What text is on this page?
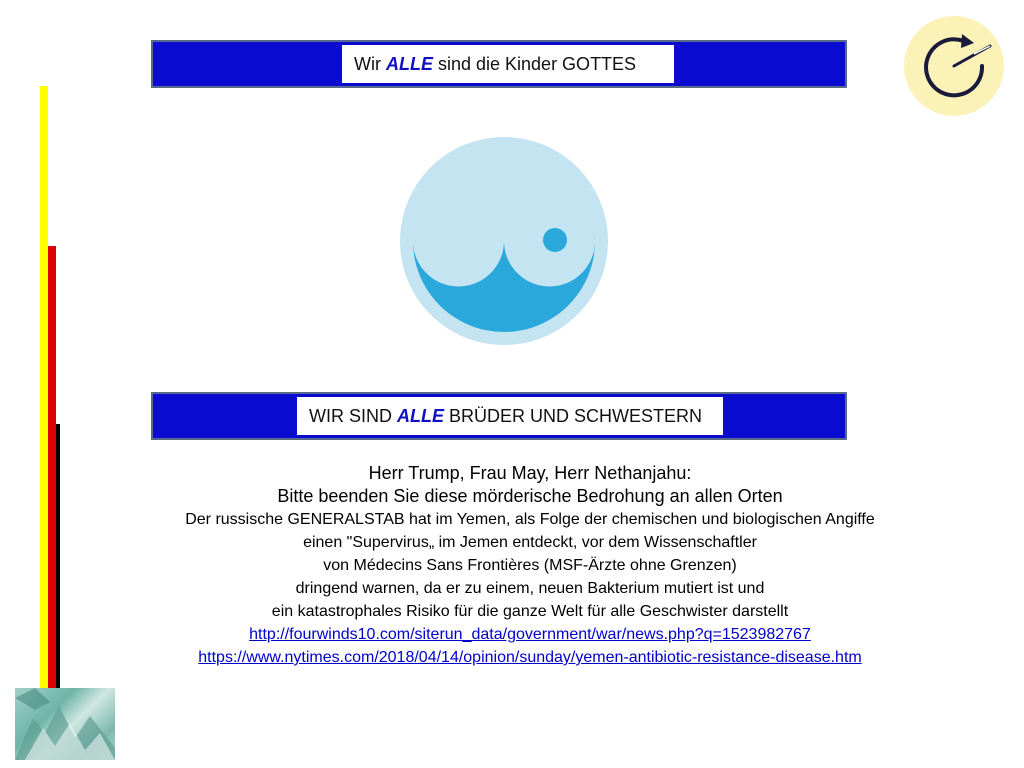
Wir ALLE sind die Kinder GOTTES
WIR SIND ALLE BRÜDER UND SCHWESTERN
Herr Trump, Frau May, Herr Nethanjahu:
Bitte beenden Sie diese mörderische Bedrohung an allen Orten
Der russische GENERALSTAB hat im Yemen, als Folge der chemischen und biologischen Angiffe
einen "Supervirus„ im Jemen entdeckt, vor dem Wissenschaftler
von Médecins Sans Frontières (MSF-Ärzte ohne Grenzen)
dringend warnen, da er zu einem, neuen Bakterium mutiert ist und
ein katastrophales Risiko für die ganze Welt für alle Geschwister darstellt
http://fourwinds10.com/siterun_data/government/war/news.php?q=1523982767
https://www.nytimes.com/2018/04/14/opinion/sunday/yemen-antibiotic-resistance-disease.htm
